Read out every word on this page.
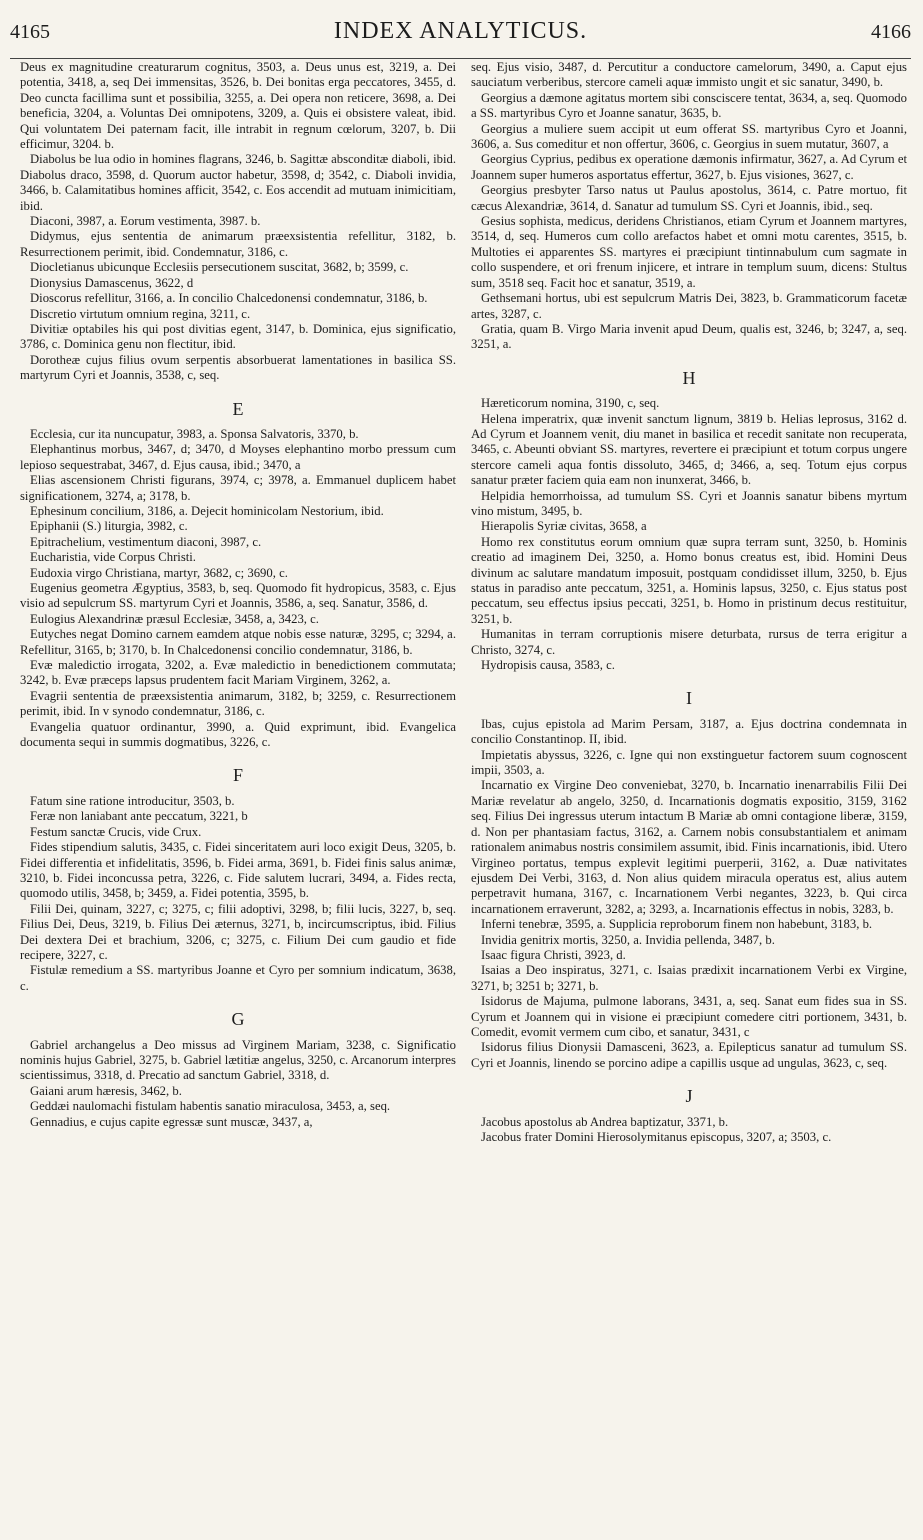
4165	INDEX ANALYTICUS.	4166

Deus ex magnitudine creaturarum cognitus, 3503, a. Deus unus est, 3219, a. Dei potentia, 3418, a, seq Dei immensitas, 3526, b. Dei bonitas erga peccatores, 3455, d. Deo cuncta facillima sunt et possibilia, 3255, a. Dei opera non reticere, 3698, a. Dei beneficia, 3204, a. Voluntas Dei omnipotens, 3209, a. Quis ei obsistere valeat, ibid. Qui voluntatem Dei paternam facit, ille intrabit in regnum cœlorum, 3207, b. Dii efficimur, 3204. b.

Diabolus be lua odio in homines flagrans, 3246, b. Sagittæ absconditæ diaboli, ibid. Diabolus draco, 3598, d. Quorum auctor habetur, 3598, d; 3542, c. Diaboli invidia, 3466, b. Calamitatibus homines afficit, 3542, c. Eos accendit ad mutuam inimicitiam, ibid.

Diaconi, 3987, a. Eorum vestimenta, 3987. b.

Didymus, ejus sententia de animarum præexsistentia refellitur, 3182, b. Resurrectionem perimit, ibid. Condemnatur, 3186, c.

Diocletianus ubicunque Ecclesiis persecutionem suscitat, 3682, b; 3599, c.

Dionysius Damascenus, 3622, d

Dioscorus refellitur, 3166, a. In concilio Chalcedonensi condemnatur, 3186, b.

Discretio virtutum omnium regina, 3211, c.

Divitiæ optabiles his qui post divitias egent, 3147, b. Dominica, ejus significatio, 3786, c. Dominica genu non flectitur, ibid.

Dorotheæ cujus filius ovum serpentis absorbuerat lamentationes in basilica SS. martyrum Cyri et Joannis, 3538, c, seq.

E

Ecclesia, cur ita nuncupatur, 3983, a. Sponsa Salvatoris, 3370, b.

Elephantinus morbus, 3467, d; 3470, d Moyses elephantino morbo pressum cum lepioso sequestrabat, 3467, d. Ejus causa, ibid.; 3470, a

Elias ascensionem Christi figurans, 3974, c; 3978, a. Emmanuel duplicem habet significationem, 3274, a; 3178, b.

Ephesinum concilium, 3186, a. Dejecit hominicolam Nestorium, ibid.

Epiphanii (S.) liturgia, 3982, c.

Epitrachelium, vestimentum diaconi, 3987, c.

Eucharistia, vide Corpus Christi.

Eudoxia virgo Christiana, martyr, 3682, c; 3690, c.

Eugenius geometra Ægyptius, 3583, b, seq. Quomodo fit hydropicus, 3583, c. Ejus visio ad sepulcrum SS. martyrum Cyri et Joannis, 3586, a, seq. Sanatur, 3586, d.

Eulogius Alexandrinæ præsul Ecclesiæ, 3458, a, 3423, c.

Eutyches negat Domino carnem eamdem atque nobis esse naturæ, 3295, c; 3294, a. Refellitur, 3165, b; 3170, b. In Chalcedonensi concilio condemnatur, 3186, b.

Evæ maledictio irrogata, 3202, a. Evæ maledictio in benedictionem commutata; 3242, b. Evæ præceps lapsus prudentem facit Mariam Virginem, 3262, a.

Evagrii sententia de præexsistentia animarum, 3182, b; 3259, c. Resurrectionem perimit, ibid. In v synodo condemnatur, 3186, c.

Evangelia quatuor ordinantur, 3990, a. Quid exprimunt, ibid. Evangelica documenta sequi in summis dogmatibus, 3226, c.

F

Fatum sine ratione introducitur, 3503, b.

Feræ non laniabant ante peccatum, 3221, b

Festum sanctæ Crucis, vide Crux.

Fides stipendium salutis, 3435, c. Fidei sinceritatem auri loco exigit Deus, 3205, b. Fidei differentia et infidelitatis, 3596, b. Fidei arma, 3691, b. Fidei finis salus animæ, 3210, b. Fidei inconcussa petra, 3226, c. Fide salutem lucrari, 3494, a. Fides recta, quomodo utilis, 3458, b; 3459, a. Fidei potentia, 3595, b.

Filii Dei, quinam, 3227, c; 3275, c; filii adoptivi, 3298, b; filii lucis, 3227, b, seq. Filius Dei, Deus, 3219, b. Filius Dei æternus, 3271, b, incircumscriptus, ibid. Filius Dei dextera Dei et brachium, 3206, c; 3275, c. Filium Dei cum gaudio et fide recipere, 3227, c.

Fistulæ remedium a SS. martyribus Joanne et Cyro per somnium indicatum, 3638, c.

G

Gabriel archangelus a Deo missus ad Virginem Mariam, 3238, c. Significatio nominis hujus Gabriel, 3275, b. Gabriel lætitiæ angelus, 3250, c. Arcanorum interpres scientissimus, 3318, d. Precatio ad sanctum Gabriel, 3318, d.

Gaiani arum hæresis, 3462, b.

Geddæi naulomachi fistulam habentis sanatio miraculosa, 3453, a, seq.

Gennadius, e cujus capite egressæ sunt muscæ, 3437, a,

seq. Ejus visio, 3487, d. Percutitur a conductore camelorum, 3490, a. Caput ejus sauciatum verberibus, stercore cameli aquæ immisto ungit et sic sanatur, 3490, b.

Georgius a dæmone agitatus mortem sibi consciscere tentat, 3634, a, seq. Quomodo a SS. martyribus Cyro et Joanne sanatur, 3635, b.

Georgius a muliere suem accipit ut eum offerat SS. martyribus Cyro et Joanni, 3606, a. Sus comeditur et non offertur, 3606, c. Georgius in suem mutatur, 3607, a

Georgius Cyprius, pedibus ex operatione dæmonis infirmatur, 3627, a. Ad Cyrum et Joannem super humeros asportatus effertur, 3627, b. Ejus visiones, 3627, c.

Georgius presbyter Tarso natus ut Paulus apostolus, 3614, c. Patre mortuo, fit cæcus Alexandriæ, 3614, d. Sanatur ad tumulum SS. Cyri et Joannis, ibid., seq.

Gesius sophista, medicus, deridens Christianos, etiam Cyrum et Joannem martyres, 3514, d, seq. Humeros cum collo arefactos habet et omni motu carentes, 3515, b. Multoties ei apparentes SS. martyres ei præcipiunt tintinnabulum cum sagmate in collo suspendere, et ori frenum injicere, et intrare in templum suum, dicens: Stultus sum, 3518 seq. Facit hoc et sanatur, 3519, a.

Gethsemani hortus, ubi est sepulcrum Matris Dei, 3823, b. Grammaticorum facetæ artes, 3287, c.

Gratia, quam B. Virgo Maria invenit apud Deum, qualis est, 3246, b; 3247, a, seq. 3251, a.

H

Hæreticorum nomina, 3190, c, seq.

Helena imperatrix, quæ invenit sanctum lignum, 3819 b. Helias leprosus, 3162 d. Ad Cyrum et Joannem venit, diu manet in basilica et recedit sanitate non recuperata, 3465, c. Abeunti obviant SS. martyres, revertere ei præcipiunt et totum corpus ungere stercore cameli aqua fontis dissoluto, 3465, d; 3466, a, seq. Totum ejus corpus sanatur præter faciem quia eam non inunxerat, 3466, b.

Helpidia hemorrhoissa, ad tumulum SS. Cyri et Joannis sanatur bibens myrtum vino mistum, 3495, b.

Hierapolis Syriæ civitas, 3658, a

Homo rex constitutus eorum omnium quæ supra terram sunt, 3250, b. Hominis creatio ad imaginem Dei, 3250, a. Homo bonus creatus est, ibid. Homini Deus divinum ac salutare mandatum imposuit, postquam condidisset illum, 3250, b. Ejus status in paradiso ante peccatum, 3251, a. Hominis lapsus, 3250, c. Ejus status post peccatum, seu effectus ipsius peccati, 3251, b. Homo in pristinum decus restituitur, 3251, b.

Humanitas in terram corruptionis misere deturbata, rursus de terra erigitur a Christo, 3274, c.

Hydropisis causa, 3583, c.

I

Ibas, cujus epistola ad Marim Persam, 3187, a. Ejus doctrina condemnata in concilio Constantinop. II, ibid.

Impietatis abyssus, 3226, c. Igne qui non exstinguetur factorem suum cognoscent impii, 3503, a.

Incarnatio ex Virgine Deo conveniebat, 3270, b. Incarnatio inenarrabilis Filii Dei Mariæ revelatur ab angelo, 3250, d. Incarnationis dogmatis expositio, 3159, 3162 seq. Filius Dei ingressus uterum intactum B Mariæ ab omni contagione liberæ, 3159, d. Non per phantasiam factus, 3162, a. Carnem nobis consubstantialem et animam rationalem animabus nostris consimilem assumit, ibid. Finis incarnationis, ibid. Utero Virgineo portatus, tempus explevit legitimi puerperii, 3162, a. Duæ nativitates ejusdem Dei Verbi, 3163, d. Non alius quidem miracula operatus est, alius autem perpetravit humana, 3167, c. Incarnationem Verbi negantes, 3223, b. Qui circa incarnationem erraverunt, 3282, a; 3293, a. Incarnationis effectus in nobis, 3283, b.

Inferni tenebræ, 3595, a. Supplicia reproborum finem non habebunt, 3183, b.

Invidia genitrix mortis, 3250, a. Invidia pellenda, 3487, b.

Isaac figura Christi, 3923, d.

Isaias a Deo inspiratus, 3271, c. Isaias prædixit incarnationem Verbi ex Virgine, 3271, b; 3251 b; 3271, b.

Isidorus de Majuma, pulmone laborans, 3431, a, seq. Sanat eum fides sua in SS. Cyrum et Joannem qui in visione ei præcipiunt comedere citri portionem, 3431, b. Comedit, evomit vermem cum cibo, et sanatur, 3431, c

Isidorus filius Dionysii Damasceni, 3623, a. Epilepticus sanatur ad tumulum SS. Cyri et Joannis, linendo se porcino adipe a capillis usque ad ungulas, 3623, c, seq.

J

Jacobus apostolus ab Andrea baptizatur, 3371, b.

Jacobus frater Domini Hierosolymitanus episcopus, 3207, a; 3503, c.
